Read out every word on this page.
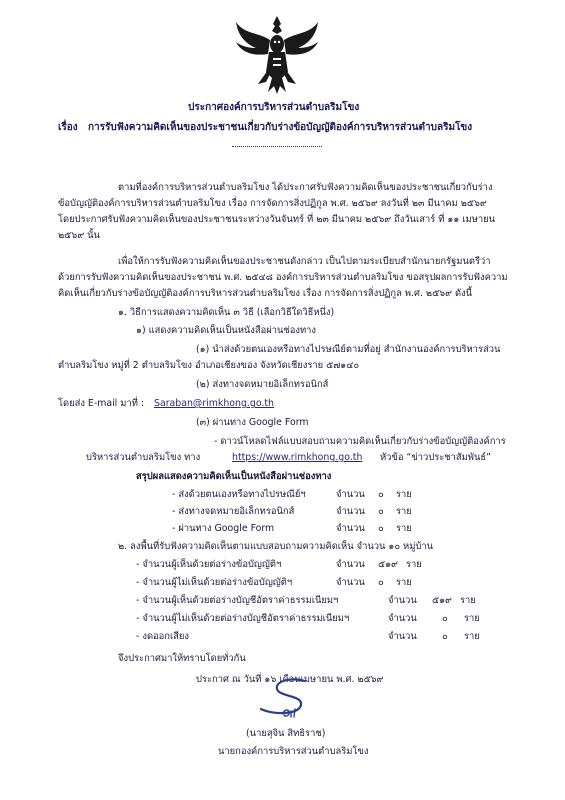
ประกาศองค์การบริหารส่วนตำบลริมโขง
เรื่อง การรับฟังความคิดเห็นของประชาชนเกี่ยวกับร่างข้อบัญญัติองค์การบริหารส่วนตำบลริมโขง
ตามที่องค์การบริหารส่วนตำบลริมโขง ได้ประกาศรับฟังความคิดเห็นของประชาชนเกี่ยวกับร่าง
ข้อบัญญัติองค์การบริหารส่วนตำบลริมโขง เรื่อง การจัดการสิ่งปฏิกูล พ.ศ. ๒๕๖๙ ลงวันที่ ๒๓ มีนาคม ๒๕๖๙
โดยประกาศรับฟังความคิดเห็นของประชาชนระหว่างวันจันทร์ ที่ ๒๓ มีนาคม ๒๕๖๙ ถึงวันเสาร์ ที่ ๑๑ เมษายน
๒๕๖๙ นั้น
เพื่อให้การรับฟังความคิดเห็นของประชาชนดังกล่าว เป็นไปตามระเบียบสำนักนายกรัฐมนตรีว่า
ด้วยการรับฟังความคิดเห็นของประชาชน พ.ศ. ๒๕๔๘ องค์การบริหารส่วนตำบลริมโขง ขอสรุปผลการรับฟังความ
คิดเห็นเกี่ยวกับร่างข้อบัญญัติองค์การบริหารส่วนตำบลริมโขง เรื่อง การจัดการสิ่งปฏิกูล พ.ศ. ๒๕๖๙ ดังนี้
๑. วิธีการแสดงความคิดเห็น ๓ วิธี (เลือกวิธีใดวิธีหนึ่ง)
๑) แสดงความคิดเห็นเป็นหนังสือผ่านช่องทาง
(๑) นำส่งด้วยตนเองหรือทางไปรษณีย์ตามที่อยู่ สำนักงานองค์การบริหารส่วน
ตำบลริมโขง หมู่ที่ 2 ตำบลริมโขง อำเภอเชียงของ จังหวัดเชียงราย ๕๗๑๔๐
(๒) ส่งทางจดหมายอิเล็กทรอนิกส์
โดยส่ง E-mail มาที่ : Saraban@rimkhong.go.th
(๓) ผ่านทาง Google Form
- ดาวน์โหลดไฟล์แบบสอบถามความคิดเห็นเกี่ยวกับร่างข้อบัญญัติองค์การ
บริหารส่วนตำบลริมโขง ทาง	https://www.rimkhong.go.th หัวข้อ “ข่าวประชาสัมพันธ์”
สรุปผลแสดงความคิดเห็นเป็นหนังสือผ่านช่องทาง
- ส่งด้วยตนเองหรือทางไปรษณีย์ฯ	จำนวน ๐ ราย
- ส่งทางจดหมายอิเล็กทรอนิกส์	จำนวน ๐ ราย
- ผ่านทาง Google Form	จำนวน ๐ ราย
๒. ลงพื้นที่รับฟังความคิดเห็นตามแบบสอบถามความคิดเห็น จำนวน ๑๐ หมู่บ้าน
- จำนวนผู้เห็นด้วยต่อร่างข้อบัญญัติฯ	จำนวน ๕๑๙ ราย
- จำนวนผู้ไม่เห็นด้วยต่อร่างข้อบัญญัติฯ	จำนวน ๐ ราย
- จำนวนผู้เห็นด้วยต่อร่างบัญชีอัตราค่าธรรมเนียมฯ	จำนวน ๕๑๙ ราย
- จำนวนผู้ไม่เห็นด้วยต่อร่างบัญชีอัตราค่าธรรมเนียมฯ	จำนวน	๐ ราย
- งดออกเสียง	จำนวน	๐ ราย
จึงประกาศมาให้ทราบโดยทั่วกัน
ประกาศ ณ วันที่ ๑๖ เดือนเมษายน พ.ศ. ๒๕๖๙
(นายสุจิน สิทธิราช)
นายกองค์การบริหารส่วนตำบลริมโขง
